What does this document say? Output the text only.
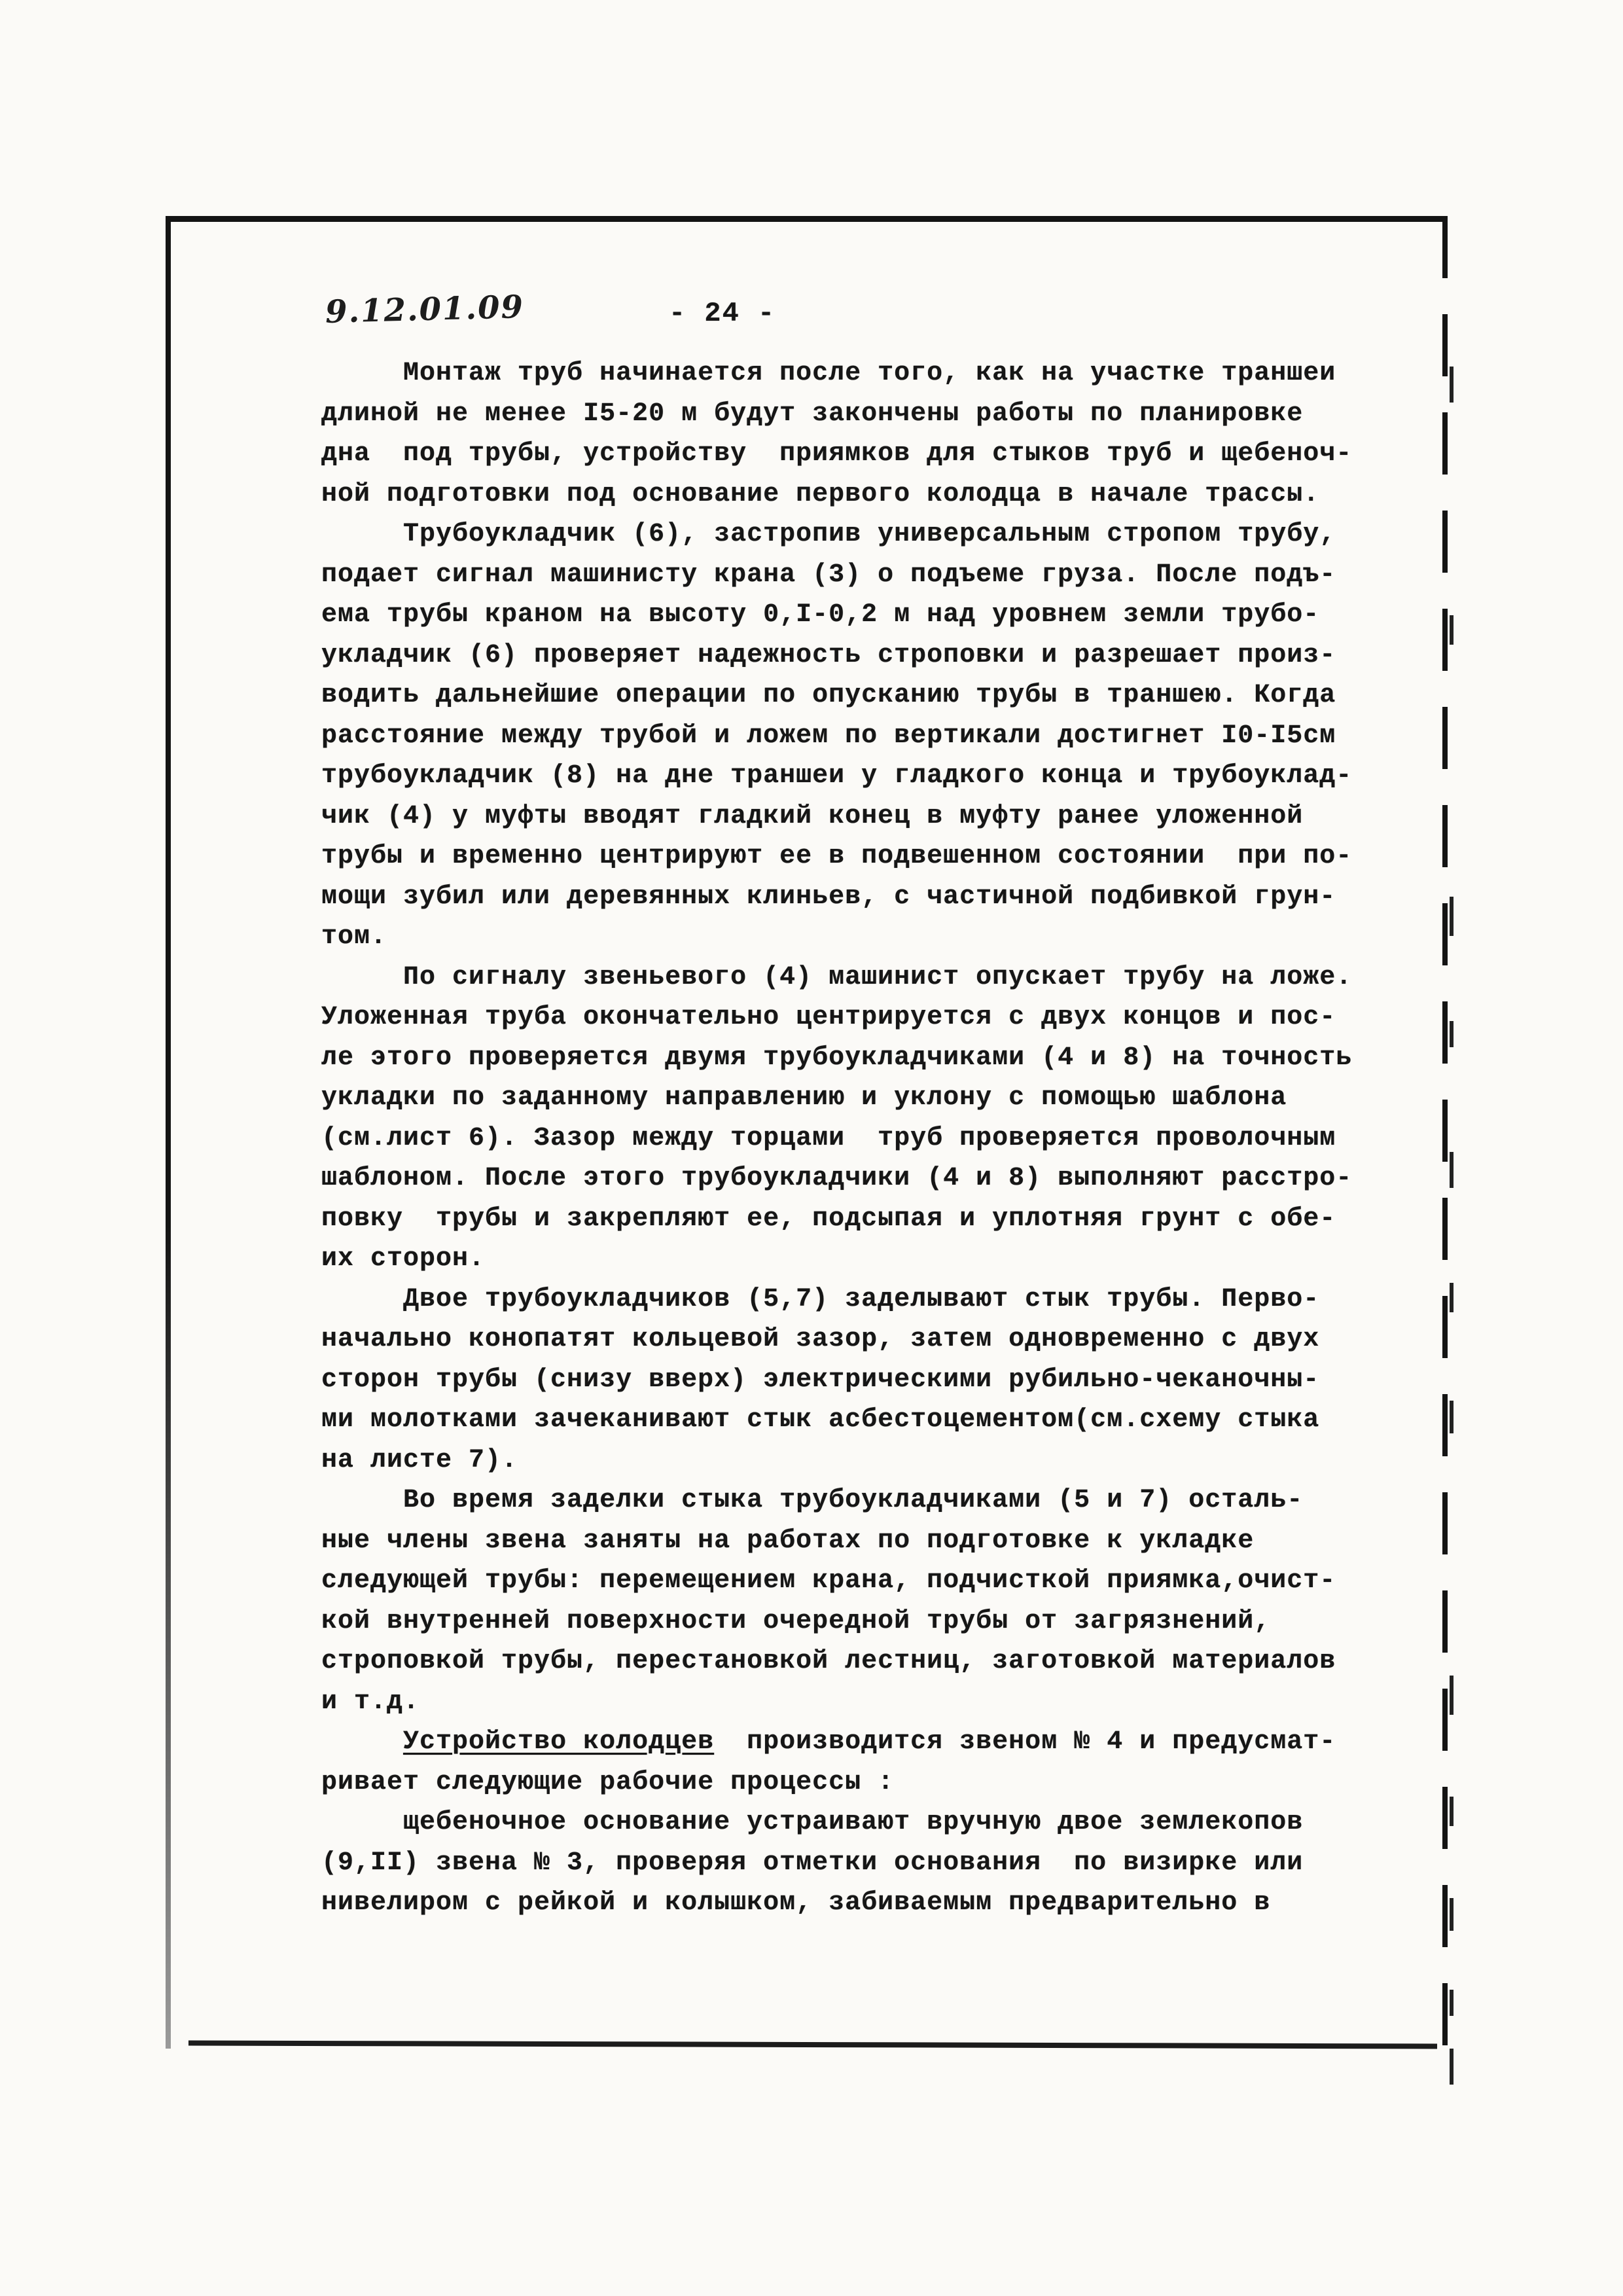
9.12.01.09	- 24 -
Монтаж труб начинается после того, как на участке траншеи
длиной не менее I5-20 м будут закончены работы по планировке
дна  под трубы, устройству  приямков для стыков труб и щебеноч-
ной подготовки под основание первого колодца в начале трассы.
Трубоукладчик (6), застропив универсальным стропом трубу,
подает сигнал машинисту крана (3) о подъеме груза. После подъ-
ема трубы краном на высоту 0,I-0,2 м над уровнем земли трубо-
укладчик (6) проверяет надежность строповки и разрешает произ-
водить дальнейшие операции по опусканию трубы в траншею. Когда
расстояние между трубой и ложем по вертикали достигнет I0-I5см
трубоукладчик (8) на дне траншеи у гладкого конца и трубоуклад-
чик (4) у муфты вводят гладкий конец в муфту ранее уложенной
трубы и временно центрируют ее в подвешенном состоянии  при по-
мощи зубил или деревянных клиньев, с частичной подбивкой грун-
том.
По сигналу звеньевого (4) машинист опускает трубу на ложе.
Уложенная труба окончательно центрируется с двух концов и пос-
ле этого проверяется двумя трубоукладчиками (4 и 8) на точность
укладки по заданному направлению и уклону с помощью шаблона
(см.лист 6). Зазор между торцами  труб проверяется проволочным
шаблоном. После этого трубоукладчики (4 и 8) выполняют расстро-
повку  трубы и закрепляют ее, подсыпая и уплотняя грунт с обе-
их сторон.
Двое трубоукладчиков (5,7) заделывают стык трубы. Перво-
начально конопатят кольцевой зазор, затем одновременно с двух
сторон трубы (снизу вверх) электрическими рубильно-чеканочны-
ми молотками зачеканивают стык асбестоцементом(см.схему стыка
на листе 7).
Во время заделки стыка трубоукладчиками (5 и 7) осталь-
ные члены звена заняты на работах по подготовке к укладке
следующей трубы: перемещением крана, подчисткой приямка,очист-
кой внутренней поверхности очередной трубы от загрязнений,
строповкой трубы, перестановкой лестниц, заготовкой материалов
и т.д.
Устройство колодцев  производится звеном № 4 и предусмат-
ривает следующие рабочие процессы :
щебеночное основание устраивают вручную двое землекопов
(9,II) звена № 3, проверяя отметки основания  по визирке или
нивелиром с рейкой и колышком, забиваемым предварительно в
